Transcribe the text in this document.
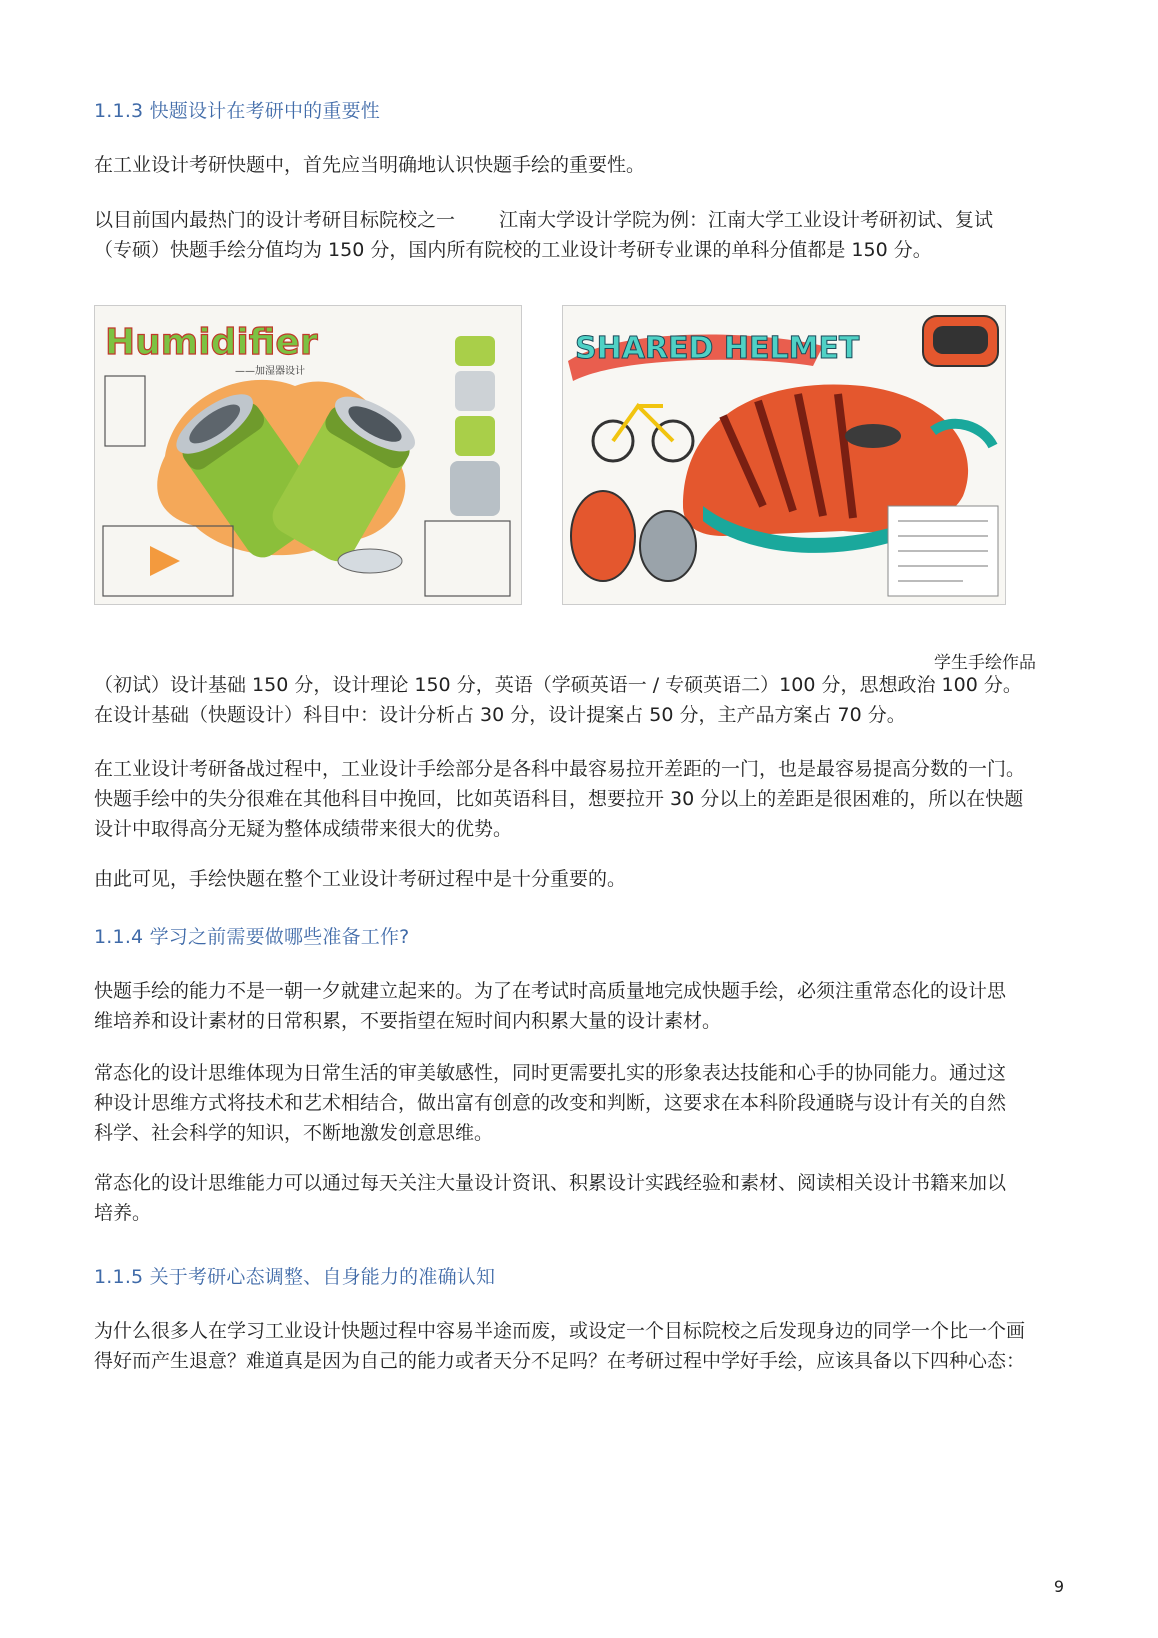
1.1.3 快题设计在考研中的重要性

在工业设计考研快题中，首先应当明确地认识快题手绘的重要性。

以目前国内最热门的设计考研目标院校之一 江南大学设计学院为例：江南大学工业设计考研初试、复试
（专硕）快题手绘分值均为 150 分，国内所有院校的工业设计考研专业课的单科分值都是 150 分。

Humidifier
——加湿器设计
SHARED HELMET
学生手绘作品

（初试）设计基础 150 分，设计理论 150 分，英语（学硕英语一 / 专硕英语二）100 分，思想政治 100 分。
在设计基础（快题设计）科目中：设计分析占 30 分，设计提案占 50 分，主产品方案占 70 分。

在工业设计考研备战过程中，工业设计手绘部分是各科中最容易拉开差距的一门，也是最容易提高分数的一门。
快题手绘中的失分很难在其他科目中挽回，比如英语科目，想要拉开 30 分以上的差距是很困难的，所以在快题
设计中取得高分无疑为整体成绩带来很大的优势。

由此可见，手绘快题在整个工业设计考研过程中是十分重要的。

1.1.4 学习之前需要做哪些准备工作?

快题手绘的能力不是一朝一夕就建立起来的。为了在考试时高质量地完成快题手绘，必须注重常态化的设计思
维培养和设计素材的日常积累，不要指望在短时间内积累大量的设计素材。

常态化的设计思维体现为日常生活的审美敏感性，同时更需要扎实的形象表达技能和心手的协同能力。通过这
种设计思维方式将技术和艺术相结合，做出富有创意的改变和判断，这要求在本科阶段通晓与设计有关的自然
科学、社会科学的知识，不断地激发创意思维。

常态化的设计思维能力可以通过每天关注大量设计资讯、积累设计实践经验和素材、阅读相关设计书籍来加以
培养。

1.1.5 关于考研心态调整、自身能力的准确认知

为什么很多人在学习工业设计快题过程中容易半途而废，或设定一个目标院校之后发现身边的同学一个比一个画
得好而产生退意？难道真是因为自己的能力或者天分不足吗？在考研过程中学好手绘，应该具备以下四种心态：

9
